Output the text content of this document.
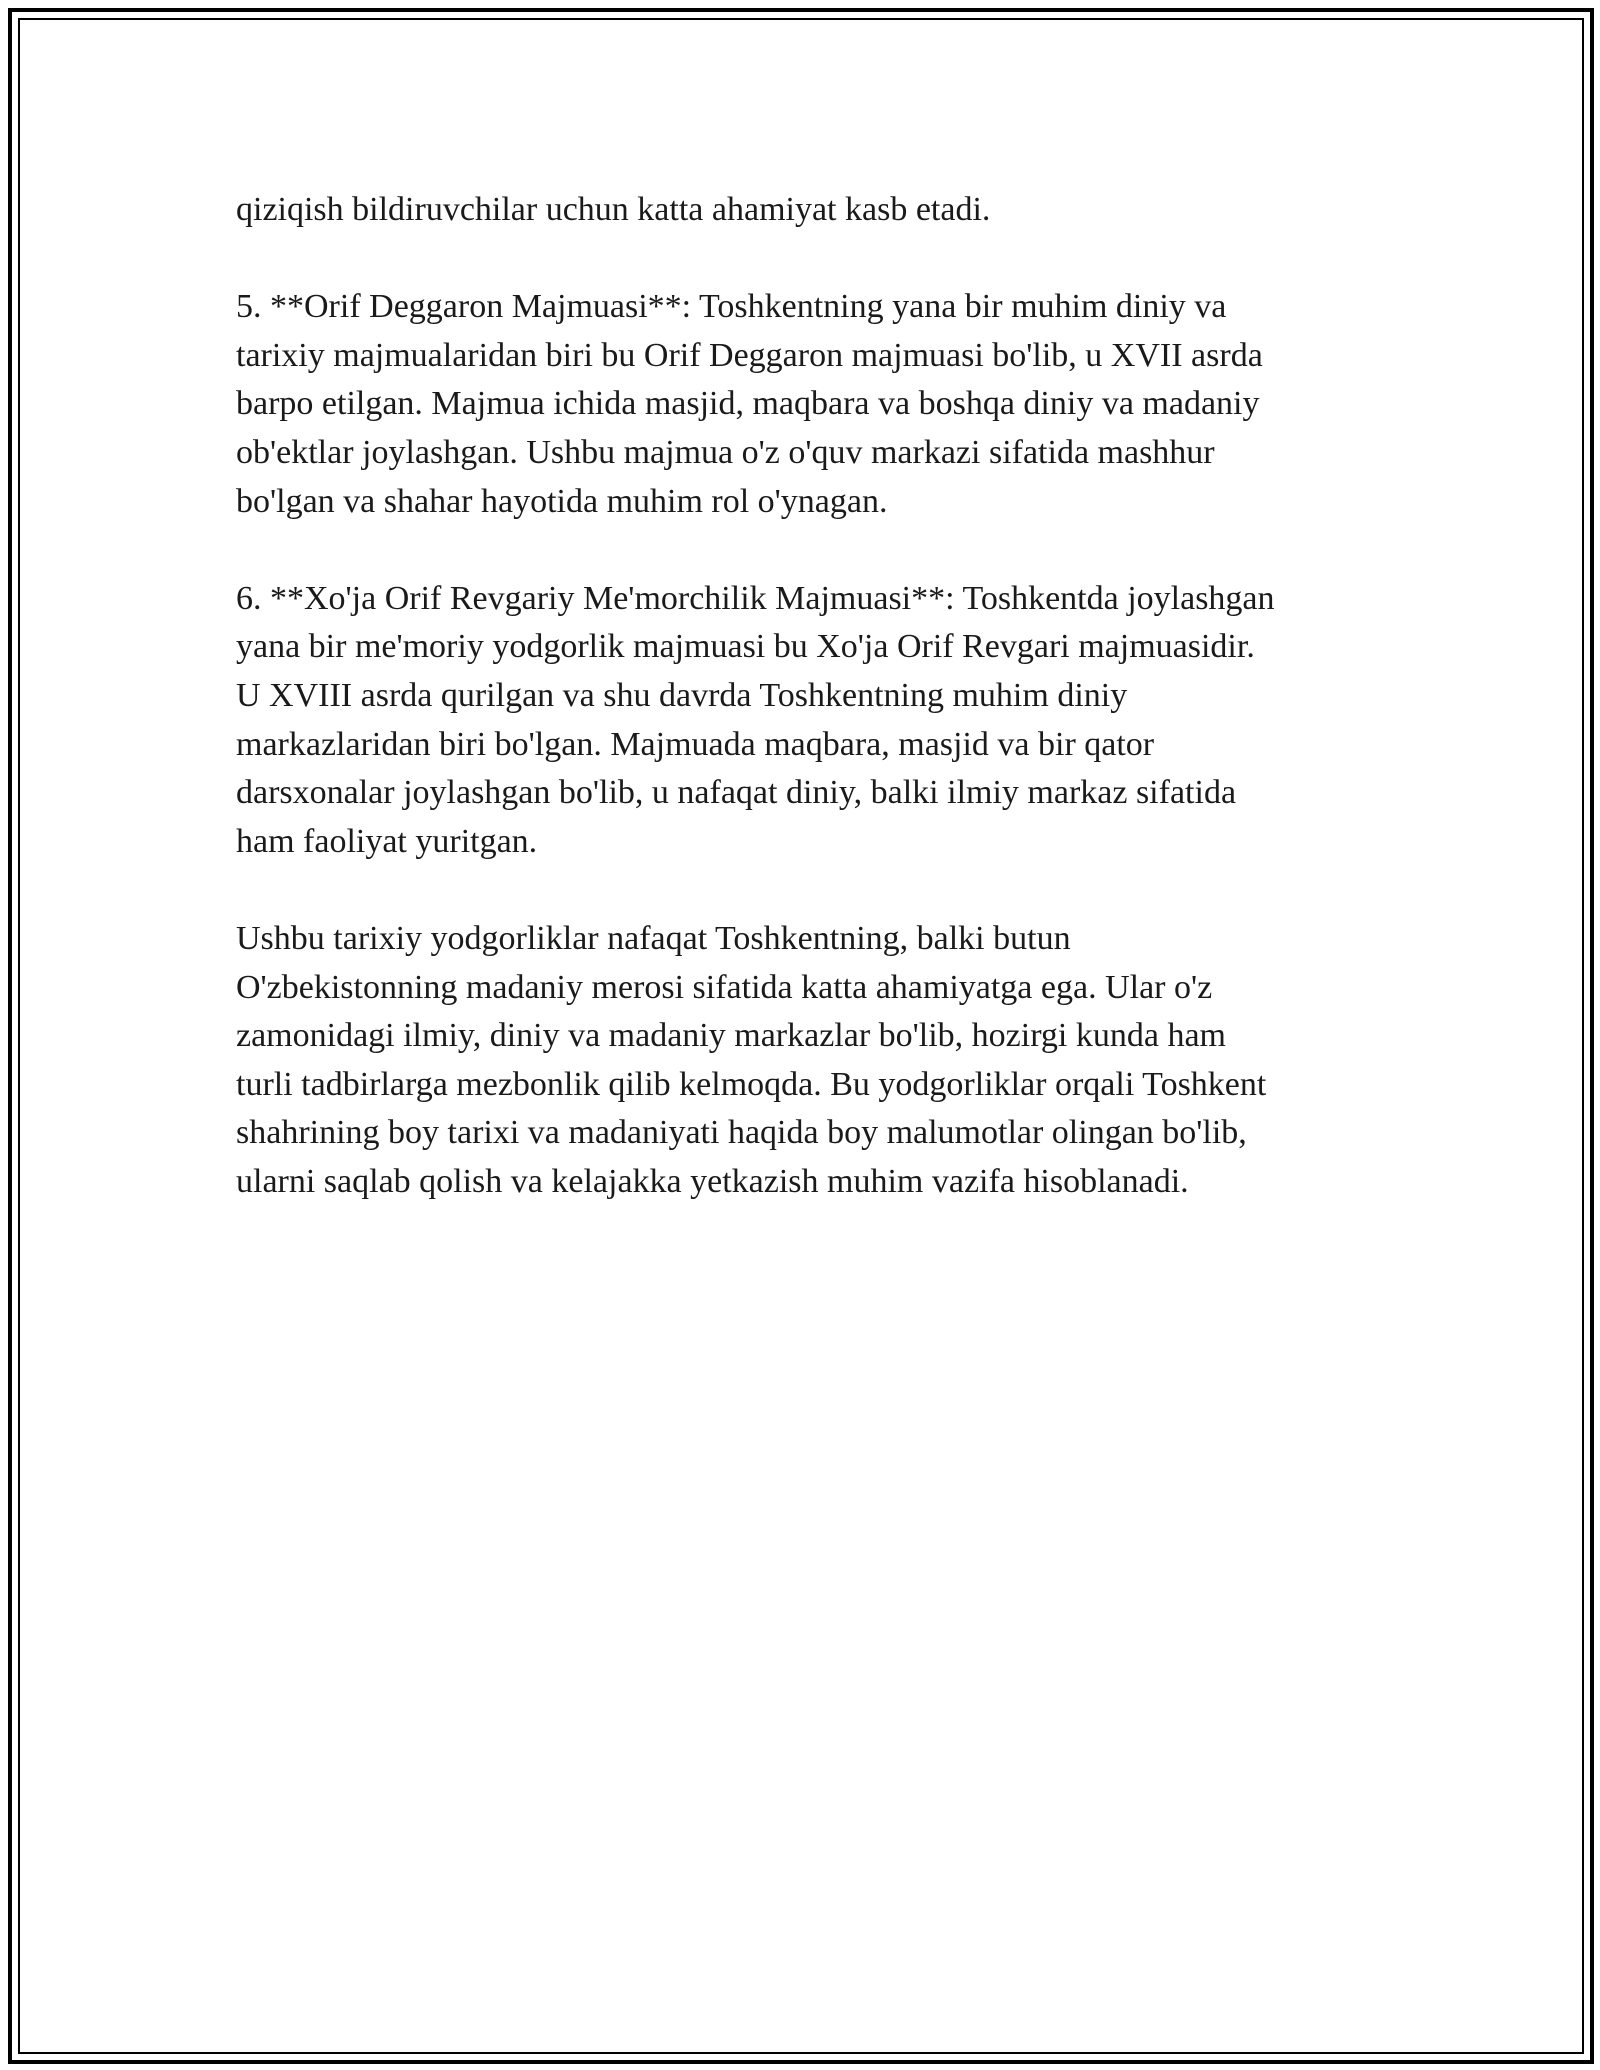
qiziqish bildiruvchilar uchun katta ahamiyat kasb etadi.

5. **Orif Deggaron Majmuasi**: Toshkentning yana bir muhim diniy va
tarixiy majmualaridan biri bu Orif Deggaron majmuasi bo'lib, u XVII asrda
barpo etilgan. Majmua ichida masjid, maqbara va boshqa diniy va madaniy
ob'ektlar joylashgan. Ushbu majmua o'z o'quv markazi sifatida mashhur
bo'lgan va shahar hayotida muhim rol o'ynagan.

6. **Xo'ja Orif Revgariy Me'morchilik Majmuasi**: Toshkentda joylashgan
yana bir me'moriy yodgorlik majmuasi bu Xo'ja Orif Revgari majmuasidir.
U XVIII asrda qurilgan va shu davrda Toshkentning muhim diniy
markazlaridan biri bo'lgan. Majmuada maqbara, masjid va bir qator
darsxonalar joylashgan bo'lib, u nafaqat diniy, balki ilmiy markaz sifatida
ham faoliyat yuritgan.

Ushbu tarixiy yodgorliklar nafaqat Toshkentning, balki butun
O'zbekistonning madaniy merosi sifatida katta ahamiyatga ega. Ular o'z
zamonidagi ilmiy, diniy va madaniy markazlar bo'lib, hozirgi kunda ham
turli tadbirlarga mezbonlik qilib kelmoqda. Bu yodgorliklar orqali Toshkent
shahrining boy tarixi va madaniyati haqida boy malumotlar olingan bo'lib,
ularni saqlab qolish va kelajakka yetkazish muhim vazifa hisoblanadi.
